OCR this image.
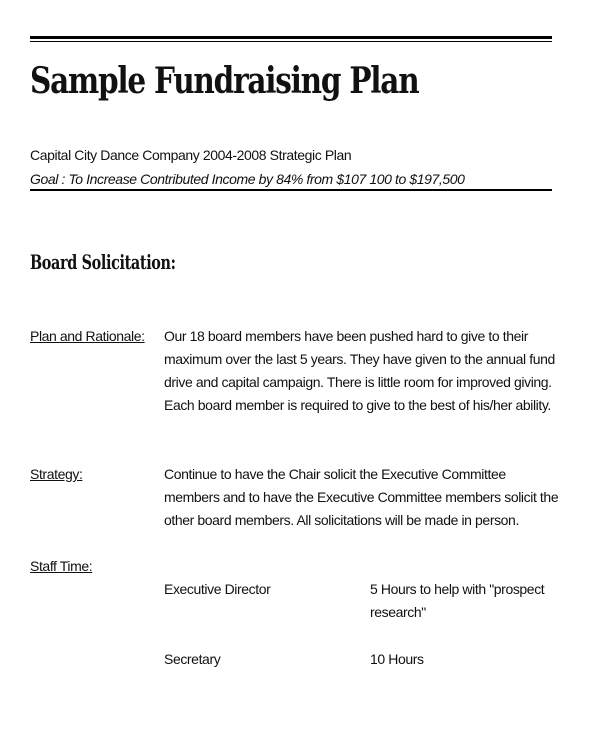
Sample Fundraising Plan
Capital City Dance Company 2004-2008 Strategic Plan
Goal : To Increase Contributed Income by 84% from $107 100 to $197,500
Board Solicitation:
Plan and Rationale: Our 18 board members have been pushed hard to give to their maximum over the last 5 years. They have given to the annual fund drive and capital campaign. There is little room for improved giving. Each board member is required to give to the best of his/her ability.
Strategy:	Continue to have the Chair solicit the Executive Committee members and to have the Executive Committee members solicit the other board members. All solicitations will be made in person.
Staff Time:
Executive Director	5 Hours to help with "prospect research"
Secretary	10 Hours
